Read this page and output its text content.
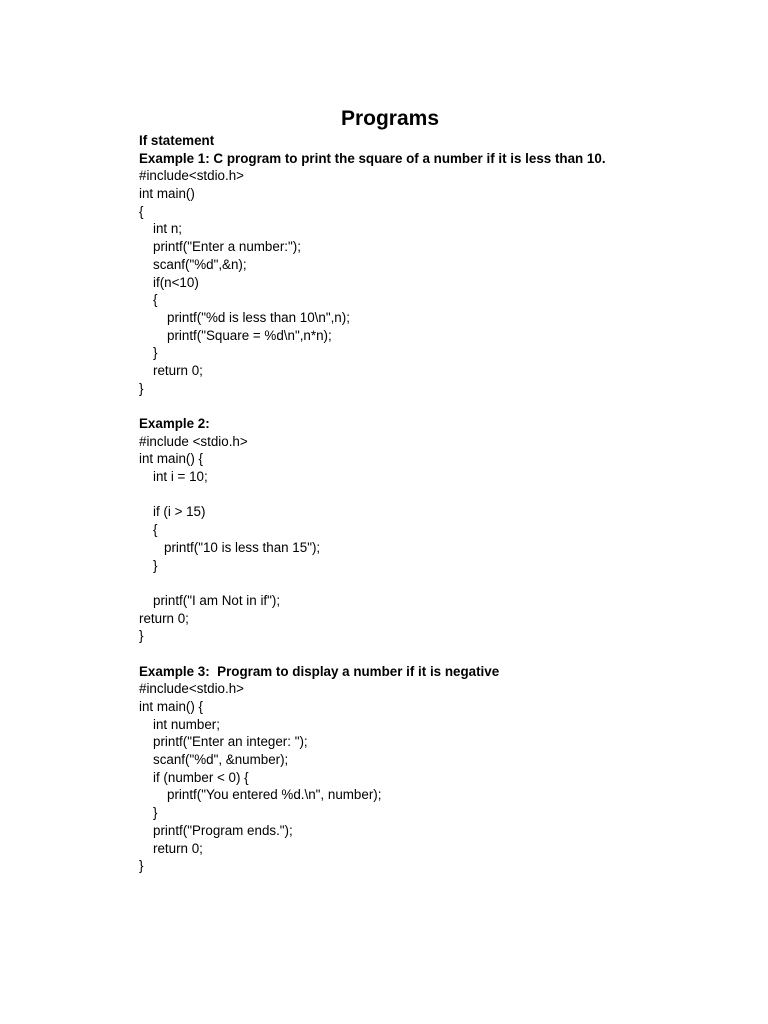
Programs
If statement
Example 1: C program to print the square of a number if it is less than 10.
#include<stdio.h>
int main()
{
int n;
printf("Enter a number:");
scanf("%d",&n);
if(n<10)
{
printf("%d is less than 10\n",n);
printf("Square = %d\n",n*n);
}
return 0;
}
Example 2:
#include <stdio.h>
int main() {
int i = 10;
if (i > 15)
{
printf("10 is less than 15");
}
printf("I am Not in if");
return 0;
}
Example 3:  Program to display a number if it is negative
#include<stdio.h>
int main() {
int number;
printf("Enter an integer: ");
scanf("%d", &number);
if (number < 0) {
printf("You entered %d.\n", number);
}
printf("Program ends.");
return 0;
}
